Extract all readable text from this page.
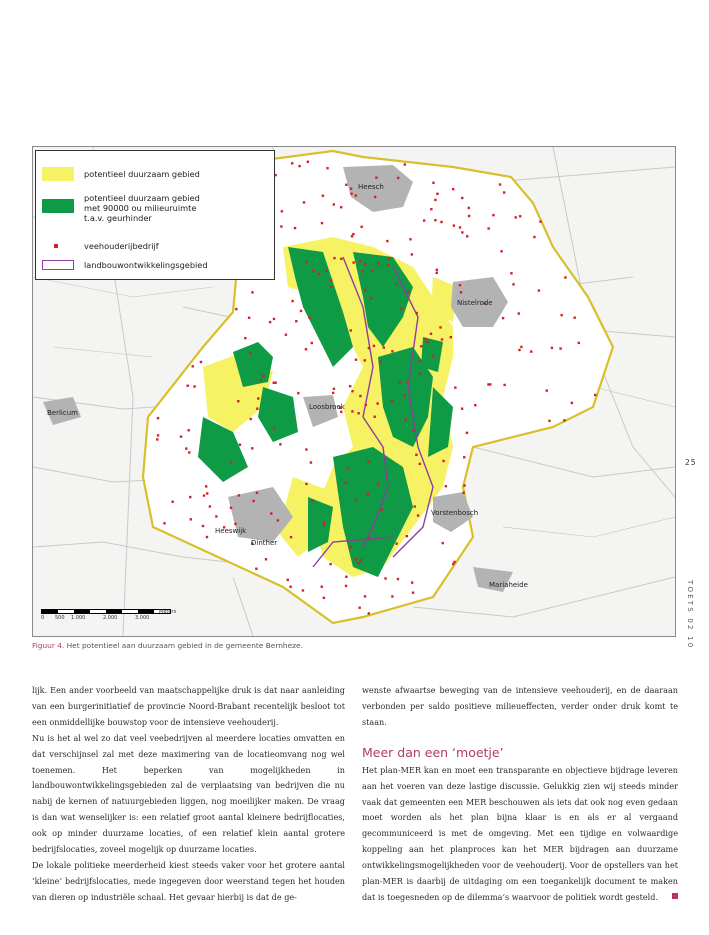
Heesch
Nistelrode
Loosbroek
Vorstenbosch
Heeswijk
Dinther
Berlicum
Mariaheide
potentieel duurzaam gebied
potentieel duurzaam gebied
met 90000 ou milieuruimte
t.a.v. geurhinder
veehouderijbedrijf
landbouwontwikkelingsgebied
0 500 1.000	2.000	3.000
Meters
Figuur 4. Het potentieel aan duurzaam gebied in de gemeente Bernheze.
25
TOETS 02 10

lijk. Een ander voorbeeld van maatschappelijke druk is dat naar aanleiding van een burgerinitiatief de provincie Noord-Brabant recentelijk besloot tot een onmiddellijke bouwstop voor de intensieve veehouderij.

Nu is het al wel zo dat veel veebedrijven al meerdere locaties omvatten en dat verschijnsel zal met deze maximering van de locatieomvang nog wel toenemen. Het beperken van mogelijkheden in landbouwontwikkelingsgebieden zal de verplaatsing van bedrijven die nu nabij de kernen of natuurgebieden liggen, nog moeilijker maken. De vraag is dan wat wenselijker is: een relatief groot aantal kleinere bedrijflocaties, ook op minder duurzame locaties, of een relatief klein aantal grotere bedrijfslocaties, zoveel mogelijk op duurzame locaties.

De lokale politieke meerderheid kiest steeds vaker voor het grotere aantal ‘kleine’ bedrijfslocaties, mede ingegeven door weerstand tegen het houden van dieren op industriële schaal. Het gevaar hierbij is dat de ge-

wenste afwaartse beweging van de intensieve veehouderij, en de daaraan verbonden per saldo positieve milieueffecten, verder onder druk komt te staan.

Meer dan een ‘moetje’

Het plan-MER kan en moet een transparante en objectieve bijdrage leveren aan het voeren van deze lastige discussie. Gelukkig zien wij steeds minder vaak dat gemeenten een MER beschouwen als iets dat ook nog even gedaan moet worden als het plan bijna klaar is en als er al vergaand gecommuniceerd is met de omgeving. Met een tijdige en volwaardige koppeling aan het planproces kan het MER bijdragen aan duurzame ontwikkelingsmogelijkheden voor de veehouderij. Voor de opstellers van het plan-MER is daarbij de uitdaging om een toegankelijk document te maken dat is toegesneden op de dilemma’s waarvoor de politiek wordt gesteld.
